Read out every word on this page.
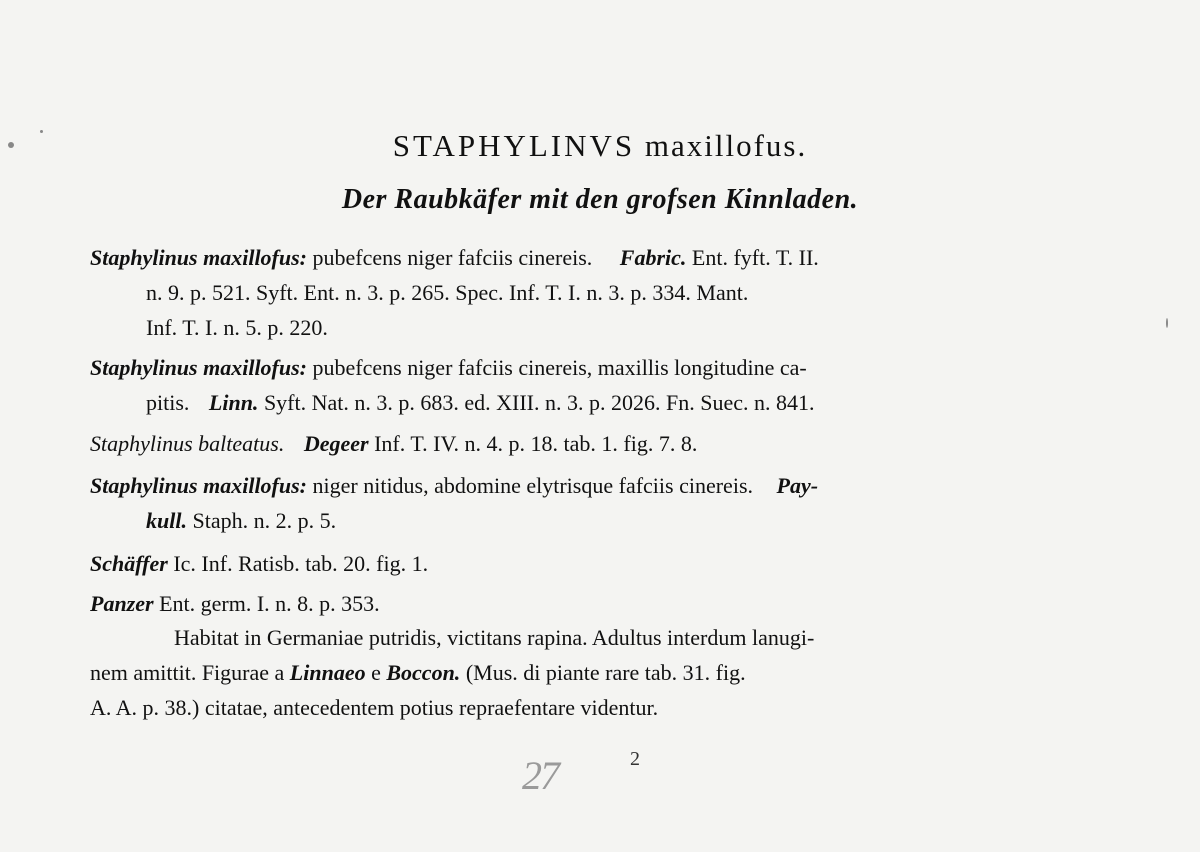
STAPHYLINVS maxillofus.
Der Raubkäfer mit den grofsen Kinnladen.
Staphylinus maxillofus: pubefcens niger fafciis cinereis. Fabric. Ent. fyft. T. II.
n. 9. p. 521. Syft. Ent. n. 3. p. 265. Spec. Inf. T. I. n. 3. p. 334. Mant.
Inf. T. I. n. 5. p. 220.
Staphylinus maxillofus: pubefcens niger fafciis cinereis, maxillis longitudine ca-
pitis. Linn. Syft. Nat. n. 3. p. 683. ed. XIII. n. 3. p. 2026. Fn. Suec. n. 841.
Staphylinus balteatus. Degeer Inf. T. IV. n. 4. p. 18. tab. 1. fig. 7. 8.
Staphylinus maxillofus: niger nitidus, abdomine elytrisque fafciis cinereis. Pay-
kull. Staph. n. 2. p. 5.
Schäffer Ic. Inf. Ratisb. tab. 20. fig. 1.
Panzer Ent. germ. I. n. 8. p. 353.
Habitat in Germaniae putridis, victitans rapina. Adultus interdum lanugi-
nem amittit. Figurae a Linnaeo e Boccon. (Mus. di piante rare tab. 31. fig.
A. A. p. 38.) citatae, antecedentem potius repraefentare videntur.
27	2
